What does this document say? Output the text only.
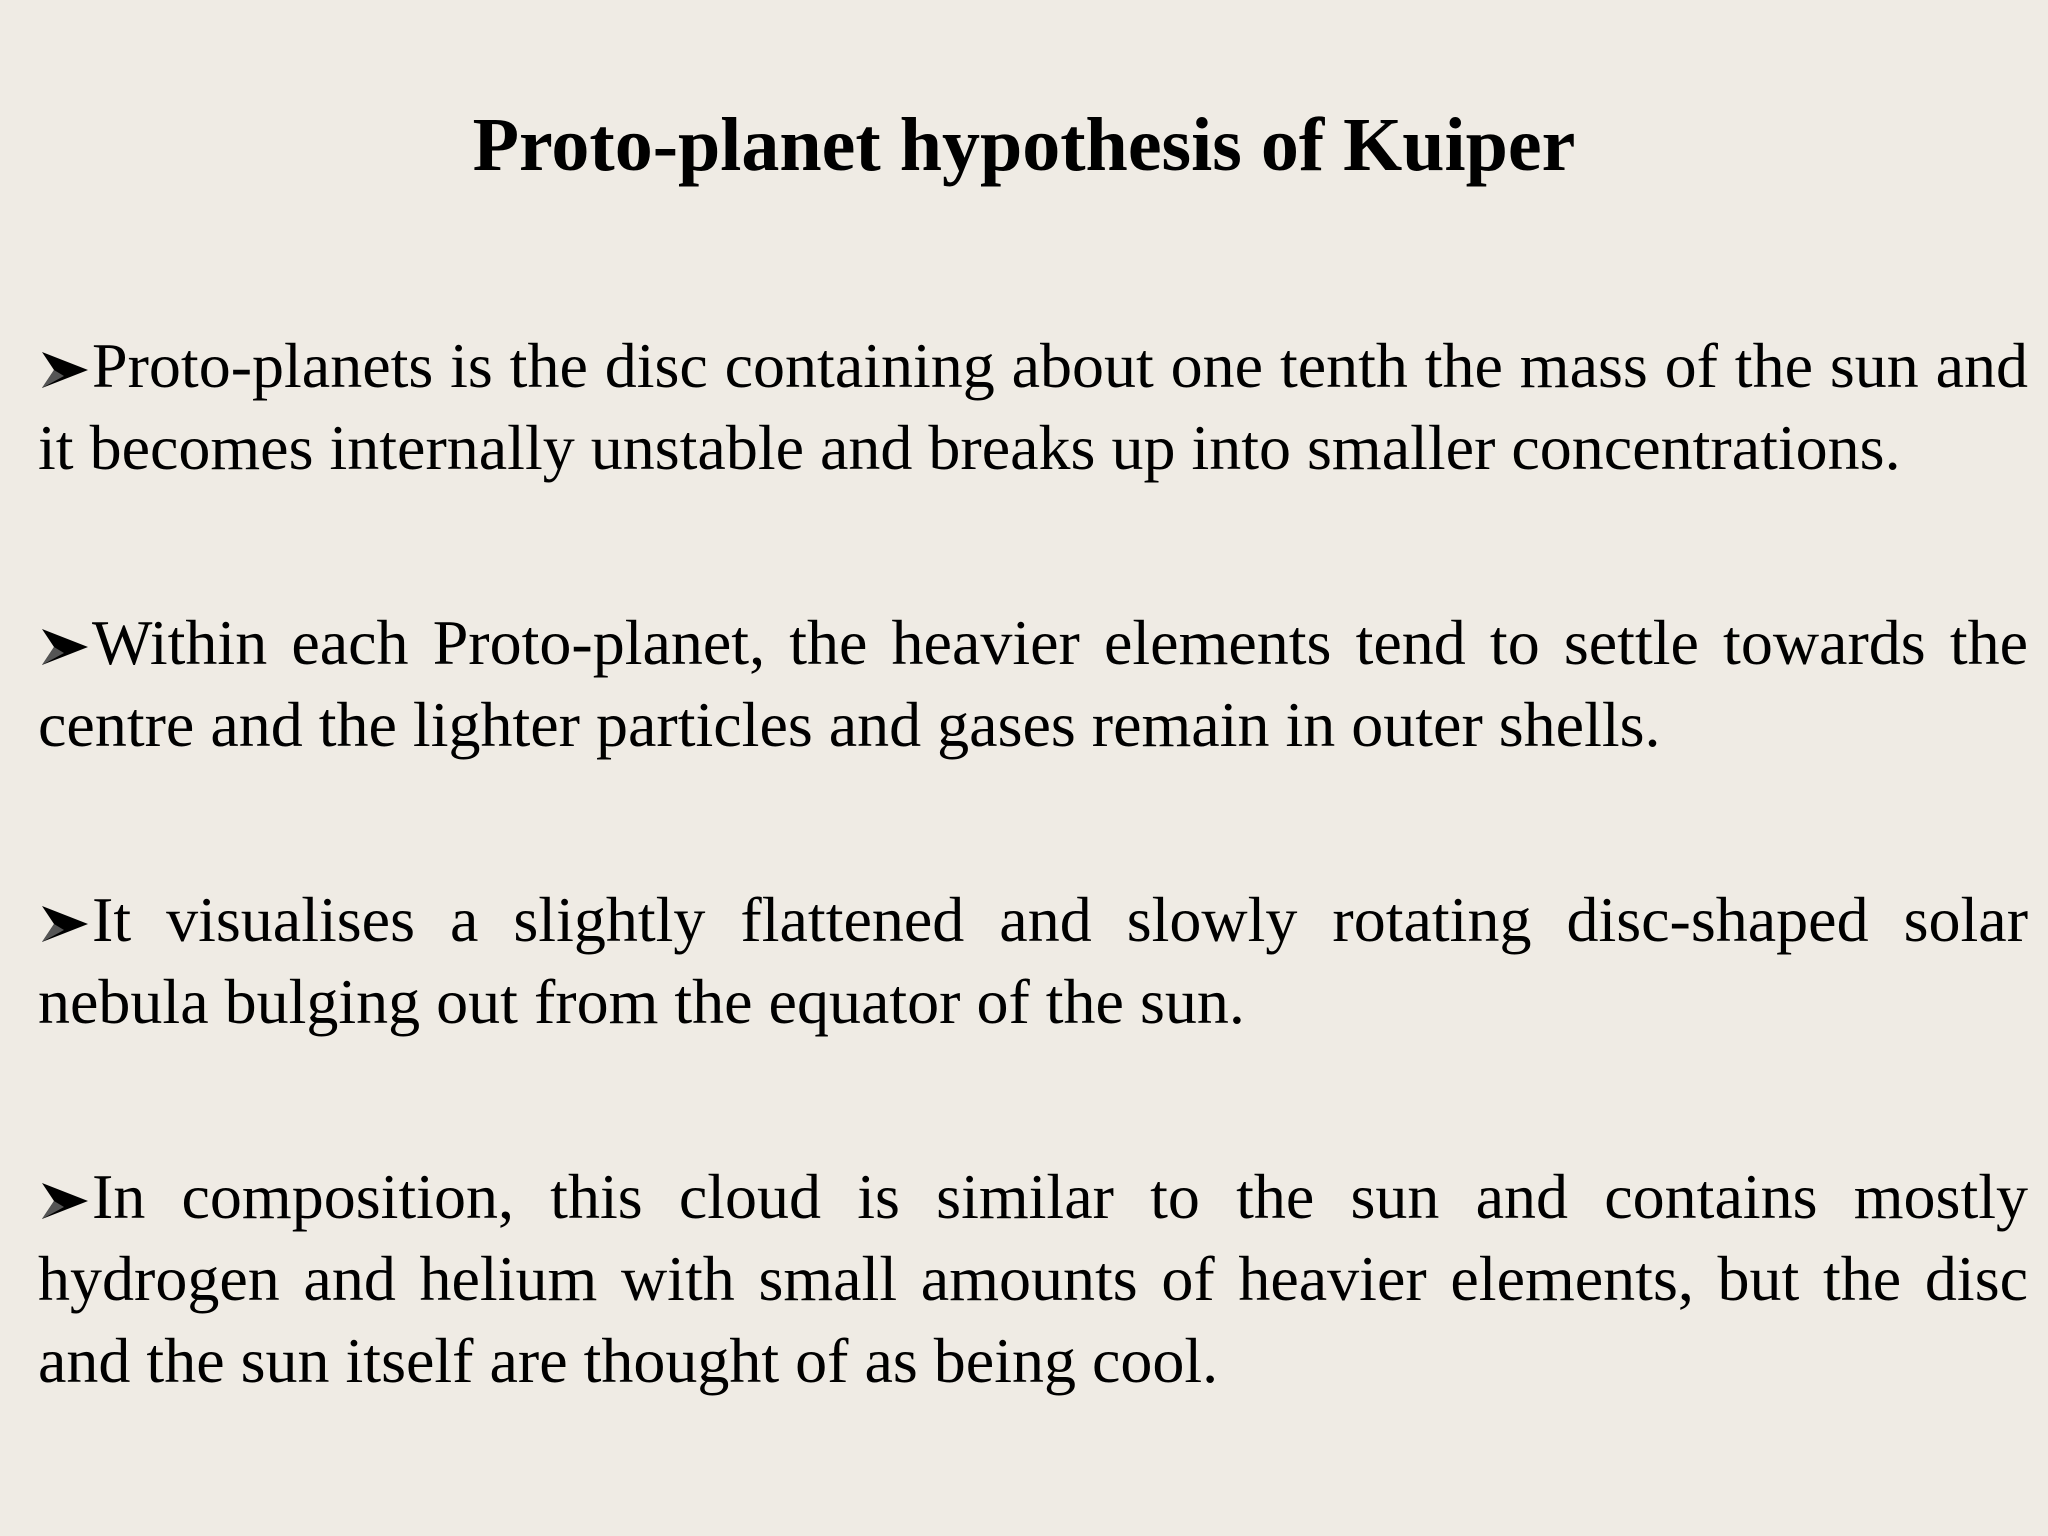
Proto-planet hypothesis of Kuiper
Proto-planets is the disc containing about one tenth the mass of the sun and it becomes internally unstable and breaks up into smaller concentrations.
Within each Proto-planet, the heavier elements tend to settle towards the centre and the lighter particles and gases remain in outer shells.
It visualises a slightly flattened and slowly rotating disc-shaped solar nebula bulging out from the equator of the sun.
In composition, this cloud is similar to the sun and contains mostly hydrogen and helium with small amounts of heavier elements, but the disc and the sun itself are thought of as being cool.
